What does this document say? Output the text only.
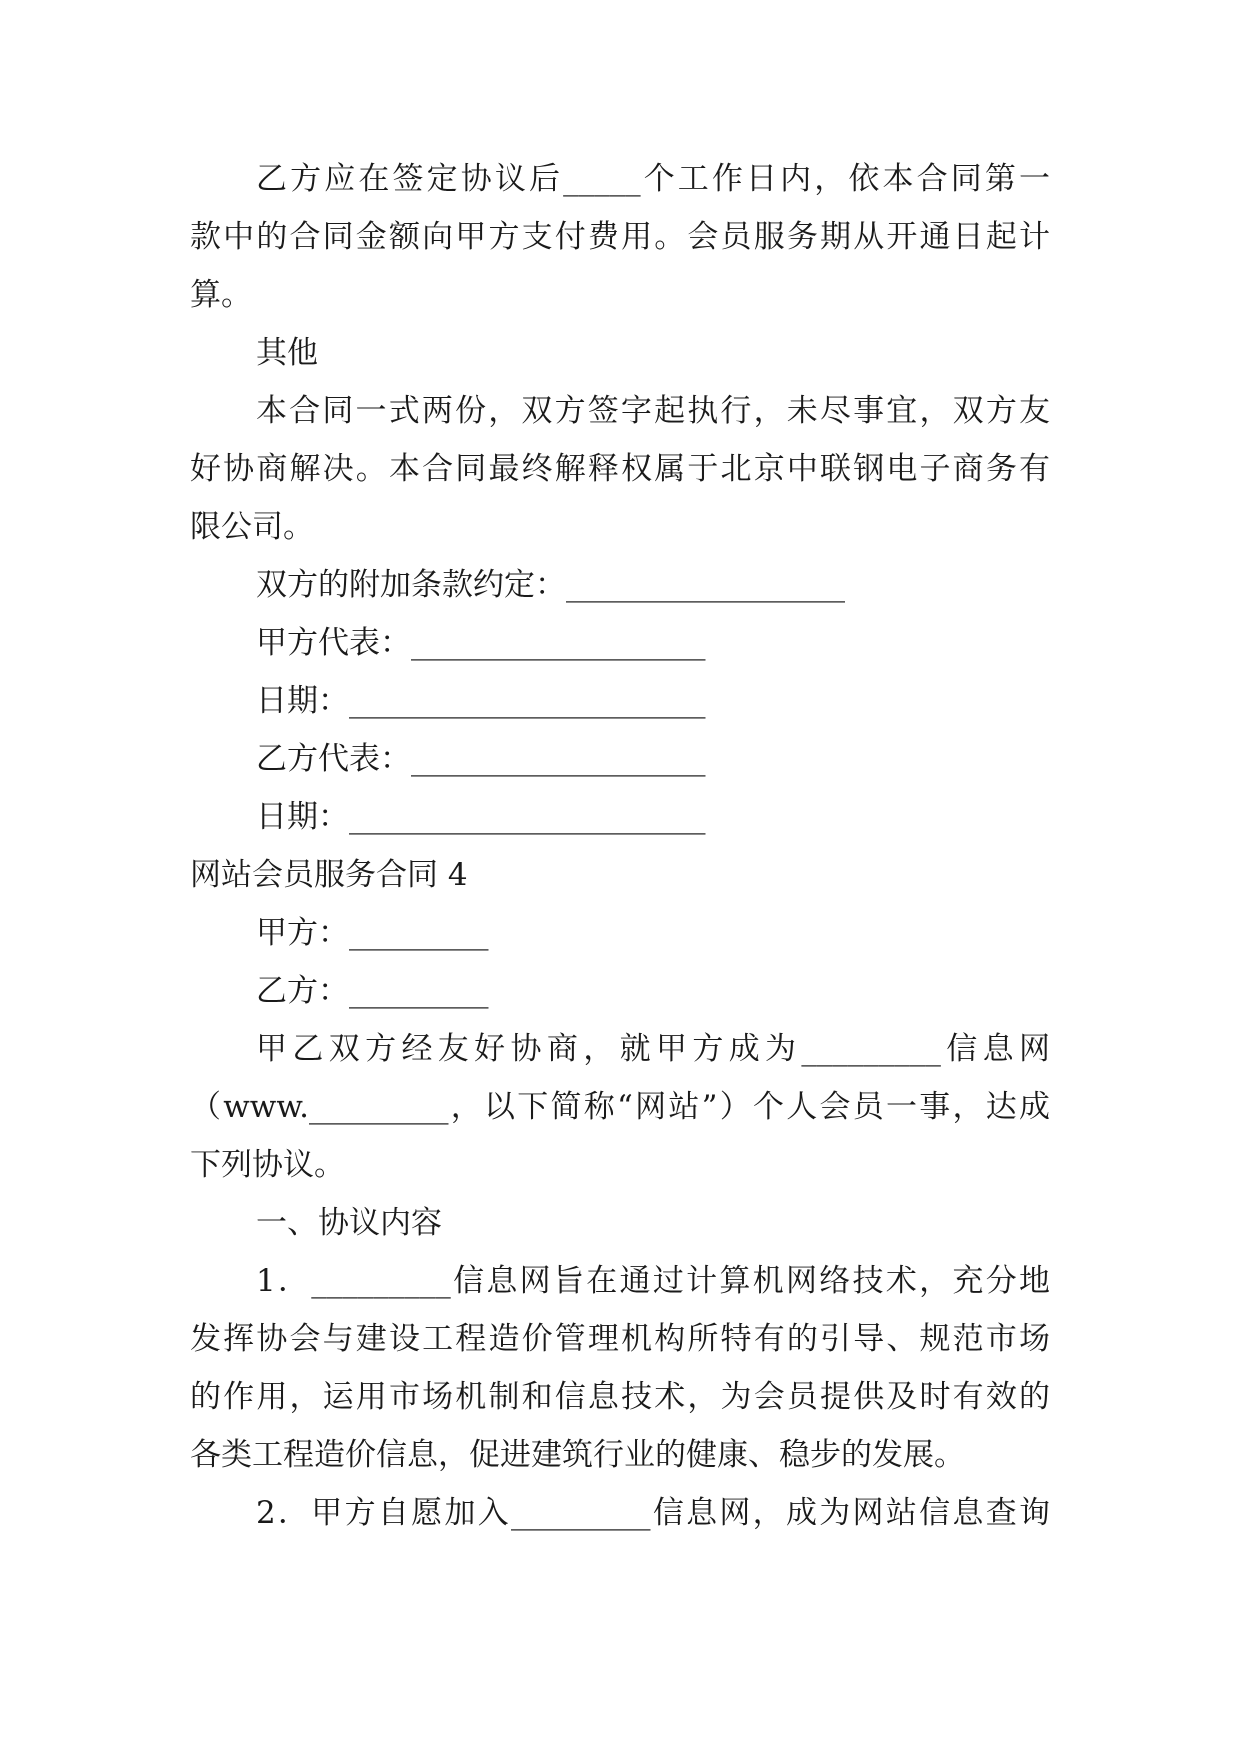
乙方应在签定协议后_____个工作日内，依本合同第一

款中的合同金额向甲方支付费用。会员服务期从开通日起计

算。

其他

本合同一式两份，双方签字起执行，未尽事宜，双方友

好协商解决。本合同最终解释权属于北京中联钢电子商务有

限公司。

双方的附加条款约定：__________________

甲方代表：___________________

日期：_______________________

乙方代表：___________________

日期：_______________________

网站会员服务合同 4

甲方：_________

乙方：_________

甲乙双方经友好协商，就甲方成为_________信息网

（www._________，以下简称“网站”）个人会员一事，达成

下列协议。

一、协议内容

1．_________信息网旨在通过计算机网络技术，充分地

发挥协会与建设工程造价管理机构所特有的引导、规范市场

的作用，运用市场机制和信息技术，为会员提供及时有效的

各类工程造价信息，促进建筑行业的健康、稳步的发展。

2．甲方自愿加入_________信息网，成为网站信息查询
